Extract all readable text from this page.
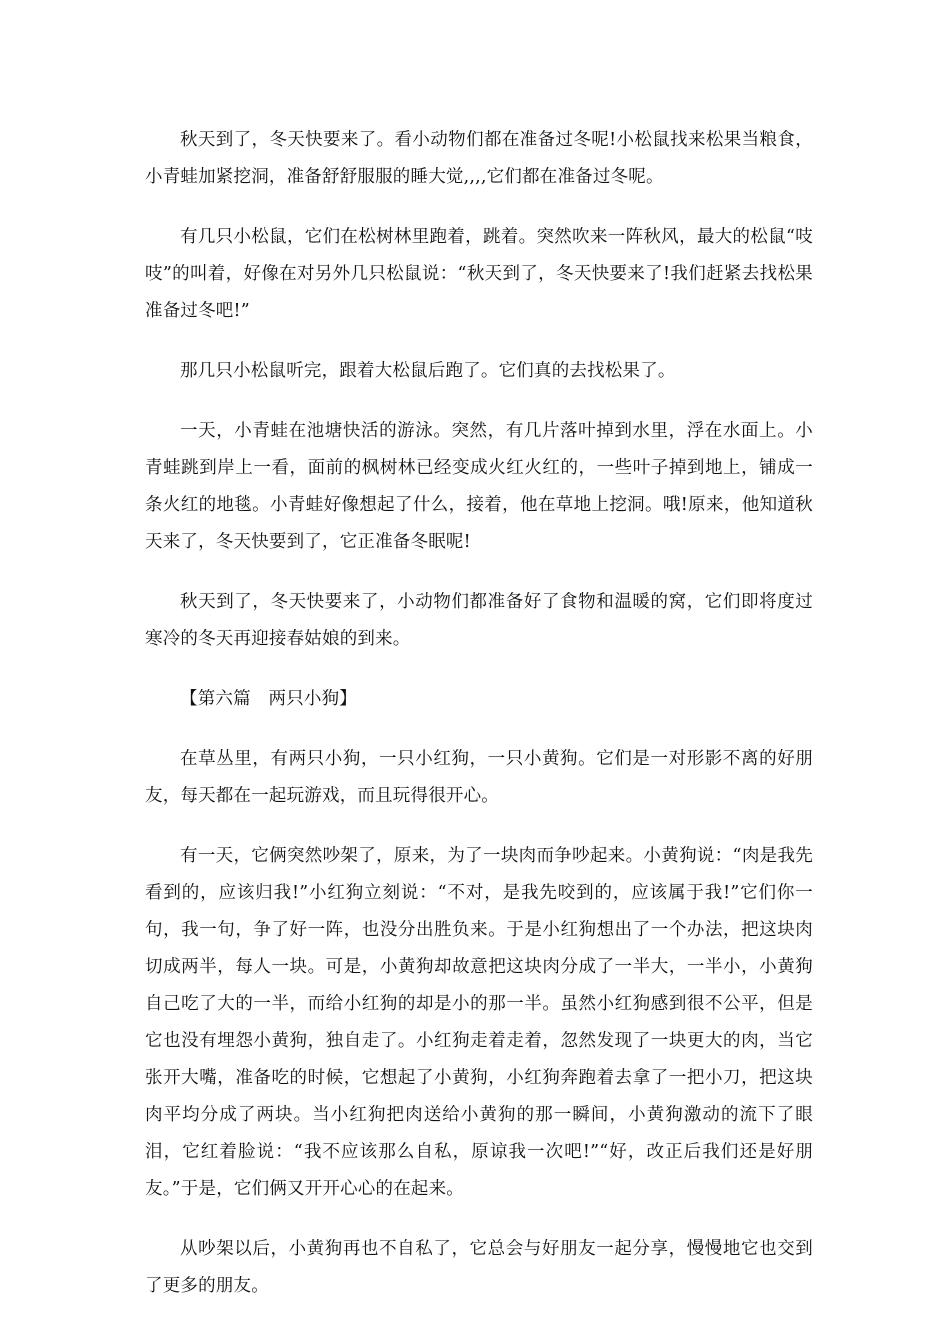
秋天到了，冬天快要来了。看小动物们都在准备过冬呢!小松鼠找来松果当粮食，小青蛙加紧挖洞，准备舒舒服服的睡大觉,,,,它们都在准备过冬呢。

有几只小松鼠，它们在松树林里跑着，跳着。突然吹来一阵秋风，最大的松鼠“吱吱”的叫着，好像在对另外几只松鼠说：“秋天到了，冬天快要来了!我们赶紧去找松果准备过冬吧!”

那几只小松鼠听完，跟着大松鼠后跑了。它们真的去找松果了。

一天，小青蛙在池塘快活的游泳。突然，有几片落叶掉到水里，浮在水面上。小青蛙跳到岸上一看，面前的枫树林已经变成火红火红的，一些叶子掉到地上，铺成一条火红的地毯。小青蛙好像想起了什么，接着，他在草地上挖洞。哦!原来，他知道秋天来了，冬天快要到了，它正准备冬眠呢!

秋天到了，冬天快要来了，小动物们都准备好了食物和温暖的窝，它们即将度过寒冷的冬天再迎接春姑娘的到来。

【第六篇　两只小狗】

在草丛里，有两只小狗，一只小红狗，一只小黄狗。它们是一对形影不离的好朋友，每天都在一起玩游戏，而且玩得很开心。

有一天，它俩突然吵架了，原来，为了一块肉而争吵起来。小黄狗说：“肉是我先看到的，应该归我!”小红狗立刻说：“不对，是我先咬到的，应该属于我!”它们你一句，我一句，争了好一阵，也没分出胜负来。于是小红狗想出了一个办法，把这块肉切成两半，每人一块。可是，小黄狗却故意把这块肉分成了一半大，一半小，小黄狗自己吃了大的一半，而给小红狗的却是小的那一半。虽然小红狗感到很不公平，但是它也没有埋怨小黄狗，独自走了。小红狗走着走着，忽然发现了一块更大的肉，当它张开大嘴，准备吃的时候，它想起了小黄狗，小红狗奔跑着去拿了一把小刀，把这块肉平均分成了两块。当小红狗把肉送给小黄狗的那一瞬间，小黄狗激动的流下了眼泪，它红着脸说：“我不应该那么自私，原谅我一次吧!”“好，改正后我们还是好朋友。”于是，它们俩又开开心心的在起来。

从吵架以后，小黄狗再也不自私了，它总会与好朋友一起分享，慢慢地它也交到了更多的朋友。
